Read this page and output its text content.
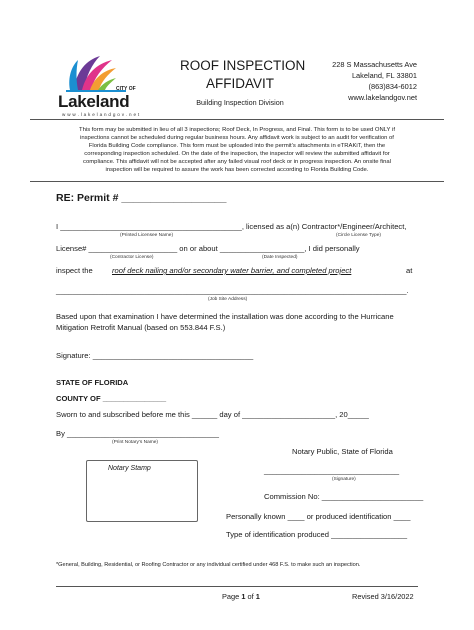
CITY OF
Lakeland
w w w . l a k e l a n d g o v . n e t
ROOF INSPECTION
AFFIDAVIT
Building Inspection Division
228 S Massachusetts Ave
Lakeland, FL 33801
(863)834-6012
www.lakelandgov.net
This form may be submitted in lieu of all 3 inspections; Roof Deck, In Progress, and Final. This form is to be used ONLY if
inspections cannot be scheduled during regular business hours. Any affidavit work is subject to an audit for verification of
Florida Building Code compliance. This form must be uploaded into the permit’s attachments in eTRAKiT, then the
corresponding inspection scheduled. On the date of the inspection, the inspector will review the submitted affidavit for
compliance. This affidavit will not be accepted after any failed visual roof deck or in progress inspection. An onsite final
inspection will be required to assure the work has been corrected according to Florida Building Code.
RE: Permit # __________________
I ___________________________________________, licensed as a(n) Contractor*/Engineer/Architect,
(Printed Licensee Name)	(Circle License Type)
License# _____________________ on or about ____________________, I did personally
(Contractor License)	(Date Inspected)
inspect the	roof deck nailing and/or secondary water barrier, and completed project	at
___________________________________________________________________________________.
(Job Site Address)
Based upon that examination I have determined the installation was done according to the Hurricane
Mitigation Retrofit Manual (based on 553.844 F.S.)
Signature: ______________________________________
STATE OF FLORIDA
COUNTY OF _______________
Sworn to and subscribed before me this ______ day of ______________________, 20_____
By ____________________________________
(Print Notary’s Name)
Notary Stamp
Notary Public, State of Florida
________________________________
(Signature)
Commission No: ________________________
Personally known ____ or produced identification ____
Type of identification produced __________________
*General, Building, Residential, or Roofing Contractor or any individual certified under 468 F.S. to make such an inspection.
Page 1 of 1	Revised 3/16/2022
